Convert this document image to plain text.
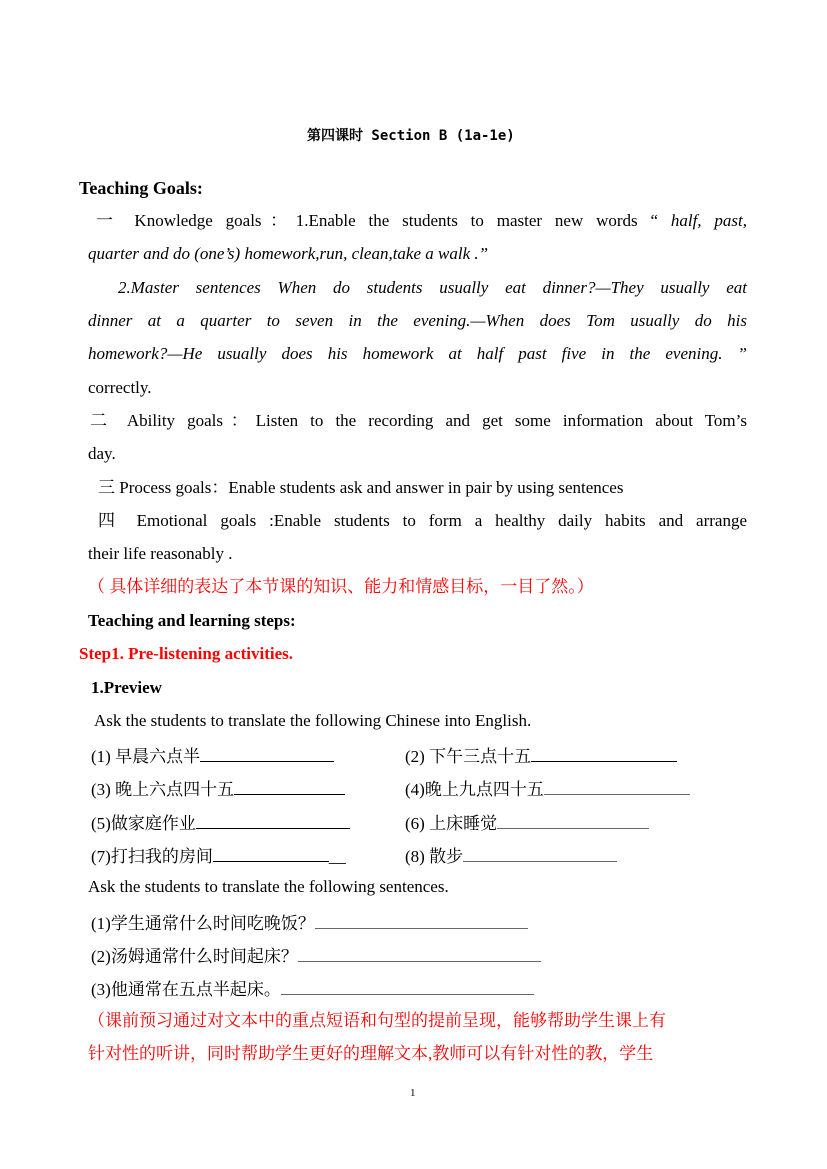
第四课时 Section B (1a-1e)
Teaching Goals:
一 Knowledge goals：1.Enable the students to master new words “ half, past,
quarter and do (one’s) homework,run, clean,take a walk .”
2.Master sentences When do students usually eat dinner?—They usually eat
dinner at a quarter to seven in the evening.—When does Tom usually do his
homework?—He usually does his homework at half past five in the evening. ”
correctly.
二 Ability goals：Listen to the recording and get some information about Tom’s
day.
三 Process goals：Enable students ask and answer in pair by using sentences
四 Emotional goals :Enable students to form a healthy daily habits and arrange
their life reasonably .
（ 具体详细的表达了本节课的知识、能力和情感目标，一目了然。）
Teaching and learning steps:
Step1. Pre-listening activities.
1.Preview
Ask the students to translate the following Chinese into English.
(1) 早晨六点半	(2) 下午三点十五
(3) 晚上六点四十五	(4)晚上九点四十五
(5)做家庭作业	(6) 上床睡觉
(7)打扫我的房间	__	(8) 散步
Ask the students to translate the following sentences.
(1)学生通常什么时间吃晚饭？
(2)汤姆通常什么时间起床？
(3)他通常在五点半起床。
（课前预习通过对文本中的重点短语和句型的提前呈现，能够帮助学生课上有
针对性的听讲，同时帮助学生更好的理解文本,教师可以有针对性的教，学生
1
